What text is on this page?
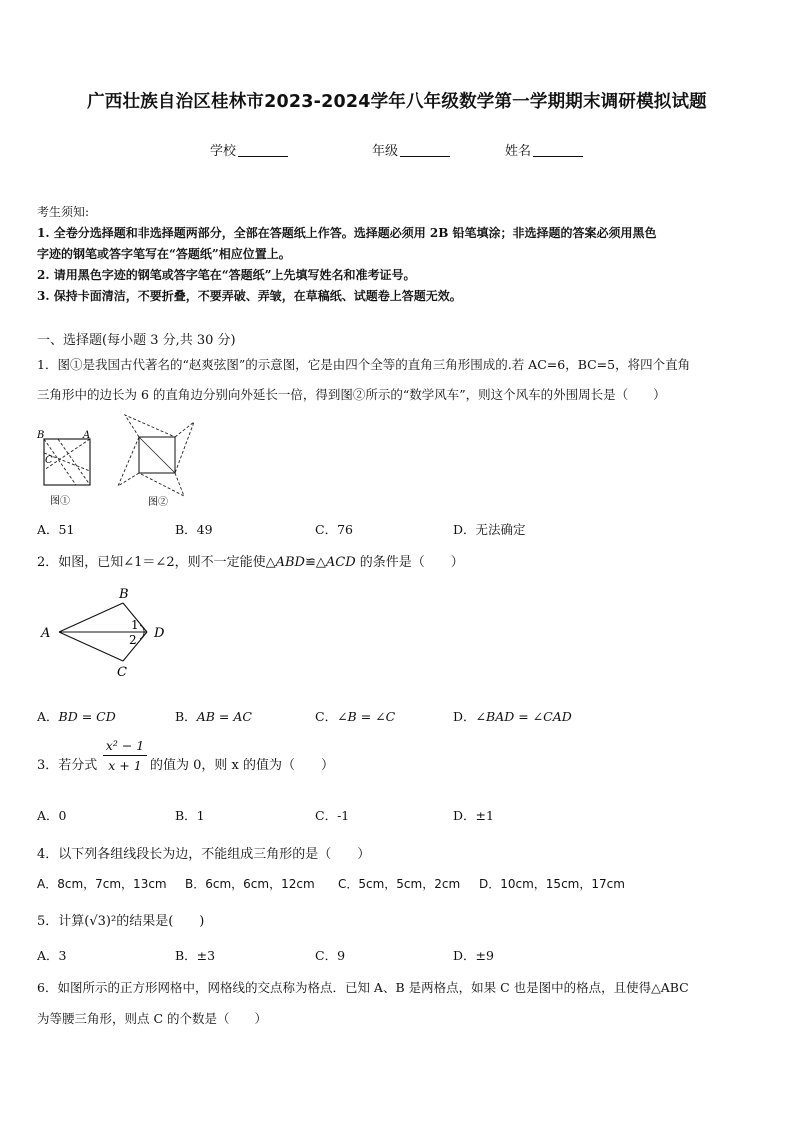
广西壮族自治区桂林市2023-2024学年八年级数学第一学期期末调研模拟试题
学校	年级	姓名
考生须知:
1. 全卷分选择题和非选择题两部分，全部在答题纸上作答。选择题必须用 2B 铅笔填涂；非选择题的答案必须用黑色
字迹的钢笔或答字笔写在“答题纸”相应位置上。
2. 请用黑色字迹的钢笔或答字笔在“答题纸”上先填写姓名和准考证号。
3. 保持卡面清洁，不要折叠，不要弄破、弄皱，在草稿纸、试题卷上答题无效。
一、选择题(每小题 3 分,共 30 分)
1．图①是我国古代著名的“赵爽弦图”的示意图，它是由四个全等的直角三角形围成的.若 AC=6，BC=5，将四个直角
三角形中的边长为 6 的直角边分别向外延长一倍，得到图②所示的“数学风车”，则这个风车的外围周长是（　　）
B	A
C
图①	图②
A．51	B．49	C．76	D．无法确定
2．如图，已知∠1＝∠2，则不一定能使△ABD≌△ACD 的条件是（　　）
A
B
C
D
1
2
A．BD = CD	B．AB = AC	C．∠B = ∠C	D．∠BAD = ∠CAD
3．若分式 $\frac{\text{x² − 1}}{x + 1}$ 的值为 0，则 x 的值为（　　）
A．0	B．1	C．-1	D．±1
4．以下列各组线段长为边，不能组成三角形的是（　　）
A．8cm，7cm，13cm B．6cm，6cm，12cm C．5cm，5cm，2cm D．10cm，15cm，17cm
5．计算(√3)²的结果是(　　)
A．3	B．±3	C．9	D．±9
6．如图所示的正方形网格中，网格线的交点称为格点．已知 A、B 是两格点，如果 C 也是图中的格点，且使得△ABC
为等腰三角形，则点 C 的个数是（　　）
